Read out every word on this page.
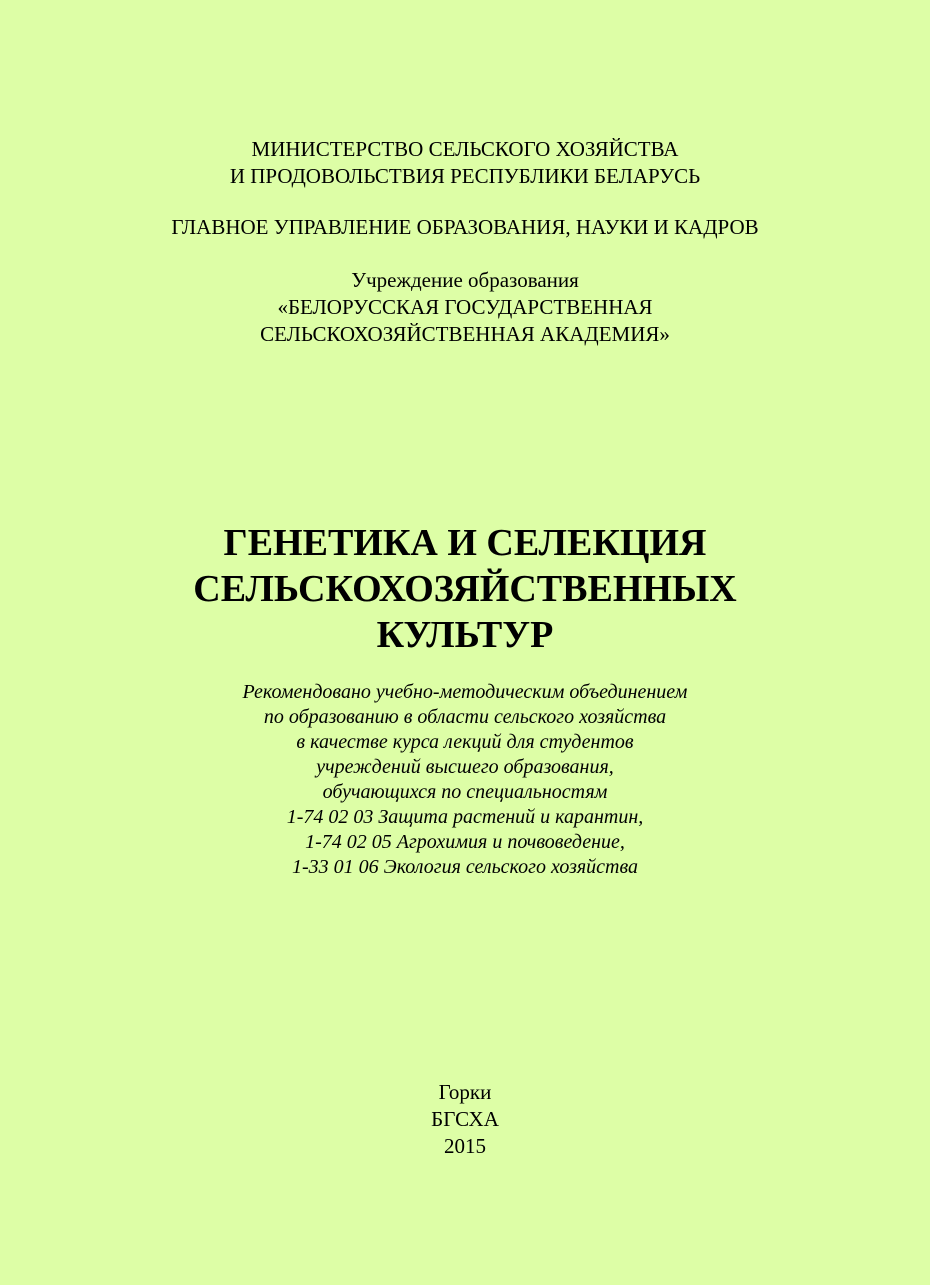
МИНИСТЕРСТВО СЕЛЬСКОГО ХОЗЯЙСТВА
И ПРОДОВОЛЬСТВИЯ РЕСПУБЛИКИ БЕЛАРУСЬ
ГЛАВНОЕ УПРАВЛЕНИЕ ОБРАЗОВАНИЯ, НАУКИ И КАДРОВ
Учреждение образования
«БЕЛОРУССКАЯ ГОСУДАРСТВЕННАЯ
СЕЛЬСКОХОЗЯЙСТВЕННАЯ АКАДЕМИЯ»
ГЕНЕТИКА И СЕЛЕКЦИЯ
СЕЛЬСКОХОЗЯЙСТВЕННЫХ
КУЛЬТУР
Рекомендовано учебно-методическим объединением
по образованию в области сельского хозяйства
в качестве курса лекций для студентов
учреждений высшего образования,
обучающихся по специальностям
1-74 02 03 Защита растений и карантин,
1-74 02 05 Агрохимия и почвоведение,
1-33 01 06 Экология сельского хозяйства
Горки
БГСХА
2015
